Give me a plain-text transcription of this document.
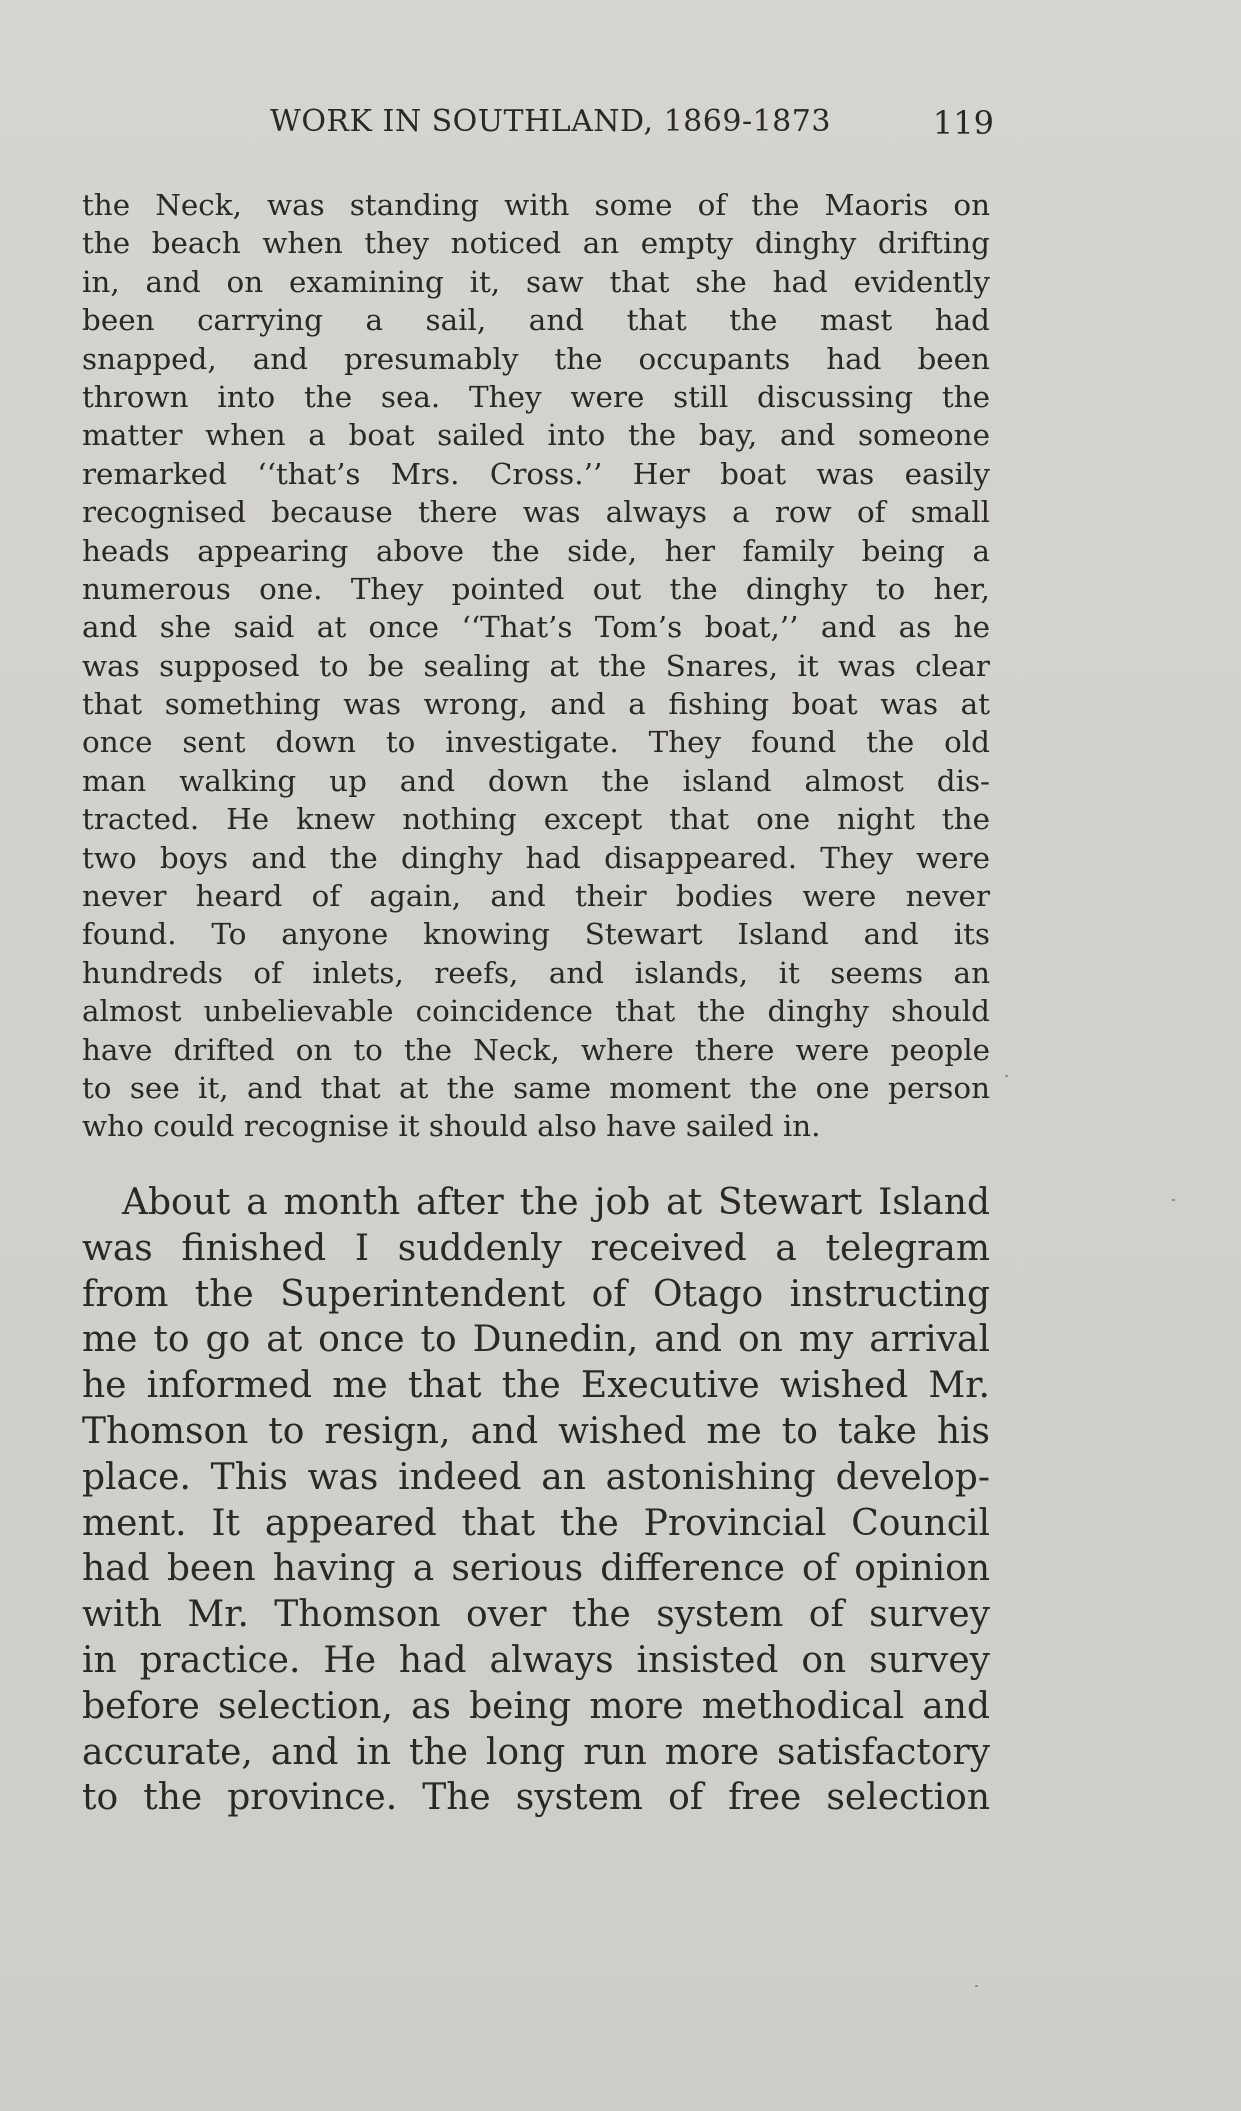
WORK IN SOUTHLAND, 1869-1873	119
the Neck, was standing with some of the Maoris on
the beach when they noticed an empty dinghy drifting
in, and on examining it, saw that she had evidently
been carrying a sail, and that the mast had
snapped, and presumably the occupants had been
thrown into the sea. They were still discussing the
matter when a boat sailed into the bay, and someone
remarked ‘‘that’s Mrs. Cross.’’ Her boat was easily
recognised because there was always a row of small
heads appearing above the side, her family being a
numerous one. They pointed out the dinghy to her,
and she said at once ‘‘That’s Tom’s boat,’’ and as he
was supposed to be sealing at the Snares, it was clear
that something was wrong, and a fishing boat was at
once sent down to investigate. They found the old
man walking up and down the island almost dis-
tracted. He knew nothing except that one night the
two boys and the dinghy had disappeared. They were
never heard of again, and their bodies were never
found. To anyone knowing Stewart Island and its
hundreds of inlets, reefs, and islands, it seems an
almost unbelievable coincidence that the dinghy should
have drifted on to the Neck, where there were people
to see it, and that at the same moment the one person
who could recognise it should also have sailed in.
About a month after the job at Stewart Island
was finished I suddenly received a telegram
from the Superintendent of Otago instructing
me to go at once to Dunedin, and on my arrival
he informed me that the Executive wished Mr.
Thomson to resign, and wished me to take his
place. This was indeed an astonishing develop-
ment. It appeared that the Provincial Council
had been having a serious difference of opinion
with Mr. Thomson over the system of survey
in practice. He had always insisted on survey
before selection, as being more methodical and
accurate, and in the long run more satisfactory
to the province. The system of free selection
